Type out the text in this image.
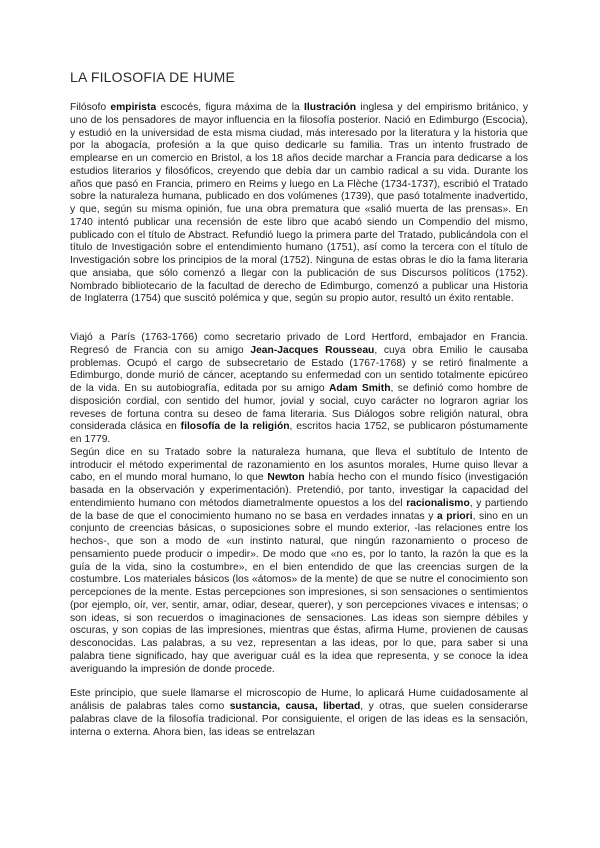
LA FILOSOFIA DE HUME

Filósofo empirista escocés, figura máxima de la Ilustración inglesa y del empirismo británico, y uno de los pensadores de mayor influencia en la filosofía posterior. Nació en Edimburgo (Escocia), y estudió en la universidad de esta misma ciudad, más interesado por la literatura y la historia que por la abogacía, profesión a la que quiso dedicarle su familia. Tras un intento frustrado de emplearse en un comercio en Bristol, a los 18 años decide marchar a Francia para dedicarse a los estudios literarios y filosóficos, creyendo que debía dar un cambio radical a su vida. Durante los años que pasó en Francia, primero en Reims y luego en La Flèche (1734-1737), escribió el Tratado sobre la naturaleza humana, publicado en dos volúmenes (1739), que pasó totalmente inadvertido, y que, según su misma opinión, fue una obra prematura que «salió muerta de las prensas». En 1740 intentó publicar una recensión de este libro que acabó siendo un Compendio del mismo, publicado con el título de Abstract. Refundió luego la primera parte del Tratado, publicándola con el título de Investigación sobre el entendimiento humano (1751), así como la tercera con el título de Investigación sobre los principios de la moral (1752). Ninguna de estas obras le dio la fama literaria que ansiaba, que sólo comenzó a llegar con la publicación de sus Discursos políticos (1752). Nombrado bibliotecario de la facultad de derecho de Edimburgo, comenzó a publicar una Historia de Inglaterra (1754) que suscitó polémica y que, según su propio autor, resultó un éxito rentable.

Viajó a París (1763-1766) como secretario privado de Lord Hertford, embajador en Francia. Regresó de Francia con su amigo Jean-Jacques Rousseau, cuya obra Emilio le causaba problemas. Ocupó el cargo de subsecretario de Estado (1767-1768) y se retiró finalmente a Edimburgo, donde murió de cáncer, aceptando su enfermedad con un sentido totalmente epicúreo de la vida. En su autobiografía, editada por su amigo Adam Smith, se definió como hombre de disposición cordial, con sentido del humor, jovial y social, cuyo carácter no lograron agriar los reveses de fortuna contra su deseo de fama literaria. Sus Diálogos sobre religión natural, obra considerada clásica en filosofía de la religión, escritos hacia 1752, se publicaron póstumamente en 1779.

Según dice en su Tratado sobre la naturaleza humana, que lleva el subtítulo de Intento de introducir el método experimental de razonamiento en los asuntos morales, Hume quiso llevar a cabo, en el mundo moral humano, lo que Newton había hecho con el mundo físico (investigación basada en la observación y experimentación). Pretendió, por tanto, investigar la capacidad del entendimiento humano con métodos diametralmente opuestos a los del racionalismo, y partiendo de la base de que el conocimiento humano no se basa en verdades innatas y a priori, sino en un conjunto de creencias básicas, o suposiciones sobre el mundo exterior, -las relaciones entre los hechos-, que son a modo de «un instinto natural, que ningún razonamiento o proceso de pensamiento puede producir o impedir». De modo que «no es, por lo tanto, la razón la que es la guía de la vida, sino la costumbre», en el bien entendido de que las creencias surgen de la costumbre. Los materiales básicos (los «átomos» de la mente) de que se nutre el conocimiento son percepciones de la mente. Estas percepciones son impresiones, si son sensaciones o sentimientos (por ejemplo, oír, ver, sentir, amar, odiar, desear, querer), y son percepciones vivaces e intensas; o son ideas, si son recuerdos o imaginaciones de sensaciones. Las ideas son siempre débiles y oscuras, y son copias de las impresiones, mientras que éstas, afirma Hume, provienen de causas desconocidas. Las palabras, a su vez, representan a las ideas, por lo que, para saber si una palabra tiene significado, hay que averiguar cuál es la idea que representa, y se conoce la idea averiguando la impresión de donde procede.

Este principio, que suele llamarse el microscopio de Hume, lo aplicará Hume cuidadosamente al análisis de palabras tales como sustancia, causa, libertad, y otras, que suelen considerarse palabras clave de la filosofía tradicional. Por consiguiente, el origen de las ideas es la sensación, interna o externa. Ahora bien, las ideas se entrelazan
